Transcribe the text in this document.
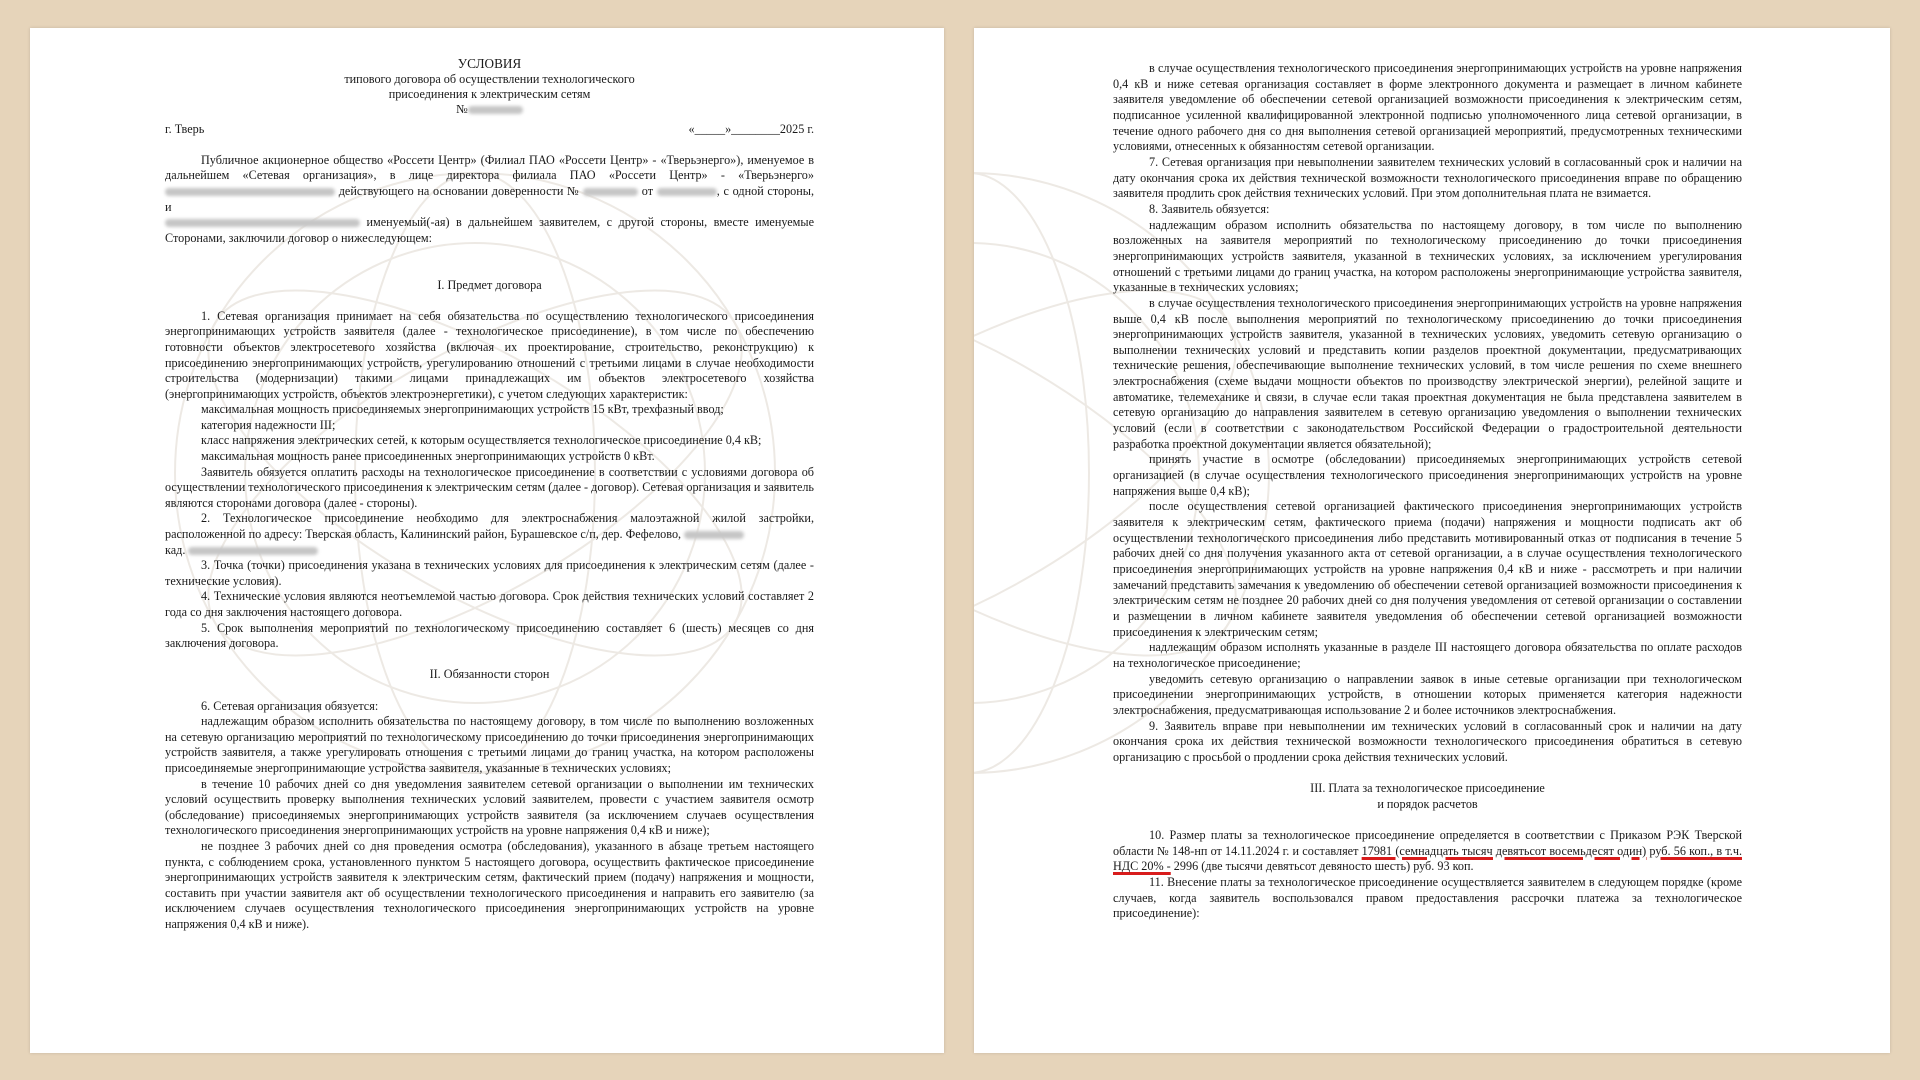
УСЛОВИЯ

типового договора об осуществлении технологического

присоединения к электрическим сетям

№

г. Тверь	«_____»________2025 г.

Публичное акционерное общество «Россети Центр» (Филиал ПАО «Россети Центр» - «Тверьэнерго»), именуемое в дальнейшем «Сетевая организация», в лице директора филиала ПАО «Россети Центр» - «Тверьэнерго»  действующего на основании доверенности №	от	, с одной стороны, и
именуемый(-ая) в дальнейшем заявителем, с другой стороны, вместе именуемые Сторонами, заключили договор о нижеследующем:

I. Предмет договора

1. Сетевая организация принимает на себя обязательства по осуществлению технологического присоединения энергопринимающих устройств заявителя (далее - технологическое присоединение), в том числе по обеспечению готовности объектов электросетевого хозяйства (включая их проектирование, строительство, реконструкцию) к присоединению энергопринимающих устройств, урегулированию отношений с третьими лицами в случае необходимости строительства (модернизации) такими лицами принадлежащих им объектов электросетевого хозяйства (энергопринимающих устройств, объектов электроэнергетики), с учетом следующих характеристик:

максимальная мощность присоединяемых энергопринимающих устройств 15 кВт, трехфазный ввод;

категория надежности III;

класс напряжения электрических сетей, к которым осуществляется технологическое присоединение 0,4 кВ;

максимальная мощность ранее присоединенных энергопринимающих устройств 0 кВт.

Заявитель обязуется оплатить расходы на технологическое присоединение в соответствии с условиями договора об осуществлении технологического присоединения к электрическим сетям (далее - договор). Сетевая организация и заявитель являются сторонами договора (далее - стороны).

2. Технологическое присоединение необходимо для электроснабжения малоэтажной жилой застройки, расположенной по адресу: Тверская область, Калининский район, Бурашевское с/п, дер. Фефелово,
кад.

3. Точка (точки) присоединения указана в технических условиях для присоединения к электрическим сетям (далее - технические условия).

4. Технические условия являются неотъемлемой частью договора. Срок действия технических условий составляет 2 года со дня заключения настоящего договора.

5. Срок выполнения мероприятий по технологическому присоединению составляет 6 (шесть) месяцев со дня заключения договора.

II. Обязанности сторон

6. Сетевая организация обязуется:

надлежащим образом исполнить обязательства по настоящему договору, в том числе по выполнению возложенных на сетевую организацию мероприятий по технологическому присоединению до точки присоединения энергопринимающих устройств заявителя, а также урегулировать отношения с третьими лицами до границ участка, на котором расположены присоединяемые энергопринимающие устройства заявителя, указанные в технических условиях;

в течение 10 рабочих дней со дня уведомления заявителем сетевой организации о выполнении им технических условий осуществить проверку выполнения технических условий заявителем, провести с участием заявителя осмотр (обследование) присоединяемых энергопринимающих устройств заявителя (за исключением случаев осуществления технологического присоединения энергопринимающих устройств на уровне напряжения 0,4 кВ и ниже);

не позднее 3 рабочих дней со дня проведения осмотра (обследования), указанного в абзаце третьем настоящего пункта, с соблюдением срока, установленного пунктом 5 настоящего договора, осуществить фактическое присоединение энергопринимающих устройств заявителя к электрическим сетям, фактический прием (подачу) напряжения и мощности, составить при участии заявителя акт об осуществлении технологического присоединения и направить его заявителю (за исключением случаев осуществления технологического присоединения энергопринимающих устройств на уровне напряжения 0,4 кВ и ниже).

в случае осуществления технологического присоединения энергопринимающих устройств на уровне напряжения 0,4 кВ и ниже сетевая организация составляет в форме электронного документа и размещает в личном кабинете заявителя уведомление об обеспечении сетевой организацией возможности присоединения к электрическим сетям, подписанное усиленной квалифицированной электронной подписью уполномоченного лица сетевой организации, в течение одного рабочего дня со дня выполнения сетевой организацией мероприятий, предусмотренных техническими условиями, отнесенных к обязанностям сетевой организации.

7. Сетевая организация при невыполнении заявителем технических условий в согласованный срок и наличии на дату окончания срока их действия технической возможности технологического присоединения вправе по обращению заявителя продлить срок действия технических условий. При этом дополнительная плата не взимается.

8. Заявитель обязуется:

надлежащим образом исполнить обязательства по настоящему договору, в том числе по выполнению возложенных на заявителя мероприятий по технологическому присоединению до точки присоединения энергопринимающих устройств заявителя, указанной в технических условиях, за исключением урегулирования отношений с третьими лицами до границ участка, на котором расположены энергопринимающие устройства заявителя, указанные в технических условиях;

в случае осуществления технологического присоединения энергопринимающих устройств на уровне напряжения выше 0,4 кВ после выполнения мероприятий по технологическому присоединению до точки присоединения энергопринимающих устройств заявителя, указанной в технических условиях, уведомить сетевую организацию о выполнении технических условий и представить копии разделов проектной документации, предусматривающих технические решения, обеспечивающие выполнение технических условий, в том числе решения по схеме внешнего электроснабжения (схеме выдачи мощности объектов по производству электрической энергии), релейной защите и автоматике, телемеханике и связи, в случае если такая проектная документация не была представлена заявителем в сетевую организацию до направления заявителем в сетевую организацию уведомления о выполнении технических условий (если в соответствии с законодательством Российской Федерации о градостроительной деятельности разработка проектной документации является обязательной);

принять участие в осмотре (обследовании) присоединяемых энергопринимающих устройств сетевой организацией (в случае осуществления технологического присоединения энергопринимающих устройств на уровне напряжения выше 0,4 кВ);

после осуществления сетевой организацией фактического присоединения энергопринимающих устройств заявителя к электрическим сетям, фактического приема (подачи) напряжения и мощности подписать акт об осуществлении технологического присоединения либо представить мотивированный отказ от подписания в течение 5 рабочих дней со дня получения указанного акта от сетевой организации, а в случае осуществления технологического присоединения энергопринимающих устройств на уровне напряжения 0,4 кВ и ниже - рассмотреть и при наличии замечаний представить замечания к уведомлению об обеспечении сетевой организацией возможности присоединения к электрическим сетям не позднее 20 рабочих дней со дня получения уведомления от сетевой организации о составлении и размещении в личном кабинете заявителя уведомления об обеспечении сетевой организацией возможности присоединения к электрическим сетям;

надлежащим образом исполнять указанные в разделе III настоящего договора обязательства по оплате расходов на технологическое присоединение;

уведомить сетевую организацию о направлении заявок в иные сетевые организации при технологическом присоединении энергопринимающих устройств, в отношении которых применяется категория надежности электроснабжения, предусматривающая использование 2 и более источников электроснабжения.

9. Заявитель вправе при невыполнении им технических условий в согласованный срок и наличии на дату окончания срока их действия технической возможности технологического присоединения обратиться в сетевую организацию с просьбой о продлении срока действия технических условий.

III. Плата за технологическое присоединение

и порядок расчетов

10. Размер платы за технологическое присоединение определяется в соответствии с Приказом РЭК Тверской области № 148-нп от 14.11.2024 г. и составляет 17981 (семнадцать тысяч девятьсот восемьдесят один) руб. 56 коп., в т.ч. НДС 20% - 2996 (две тысячи девятьсот девяносто шесть) руб. 93 коп.

11. Внесение платы за технологическое присоединение осуществляется заявителем в следующем порядке (кроме случаев, когда заявитель воспользовался правом предоставления рассрочки платежа за технологическое присоединение):
